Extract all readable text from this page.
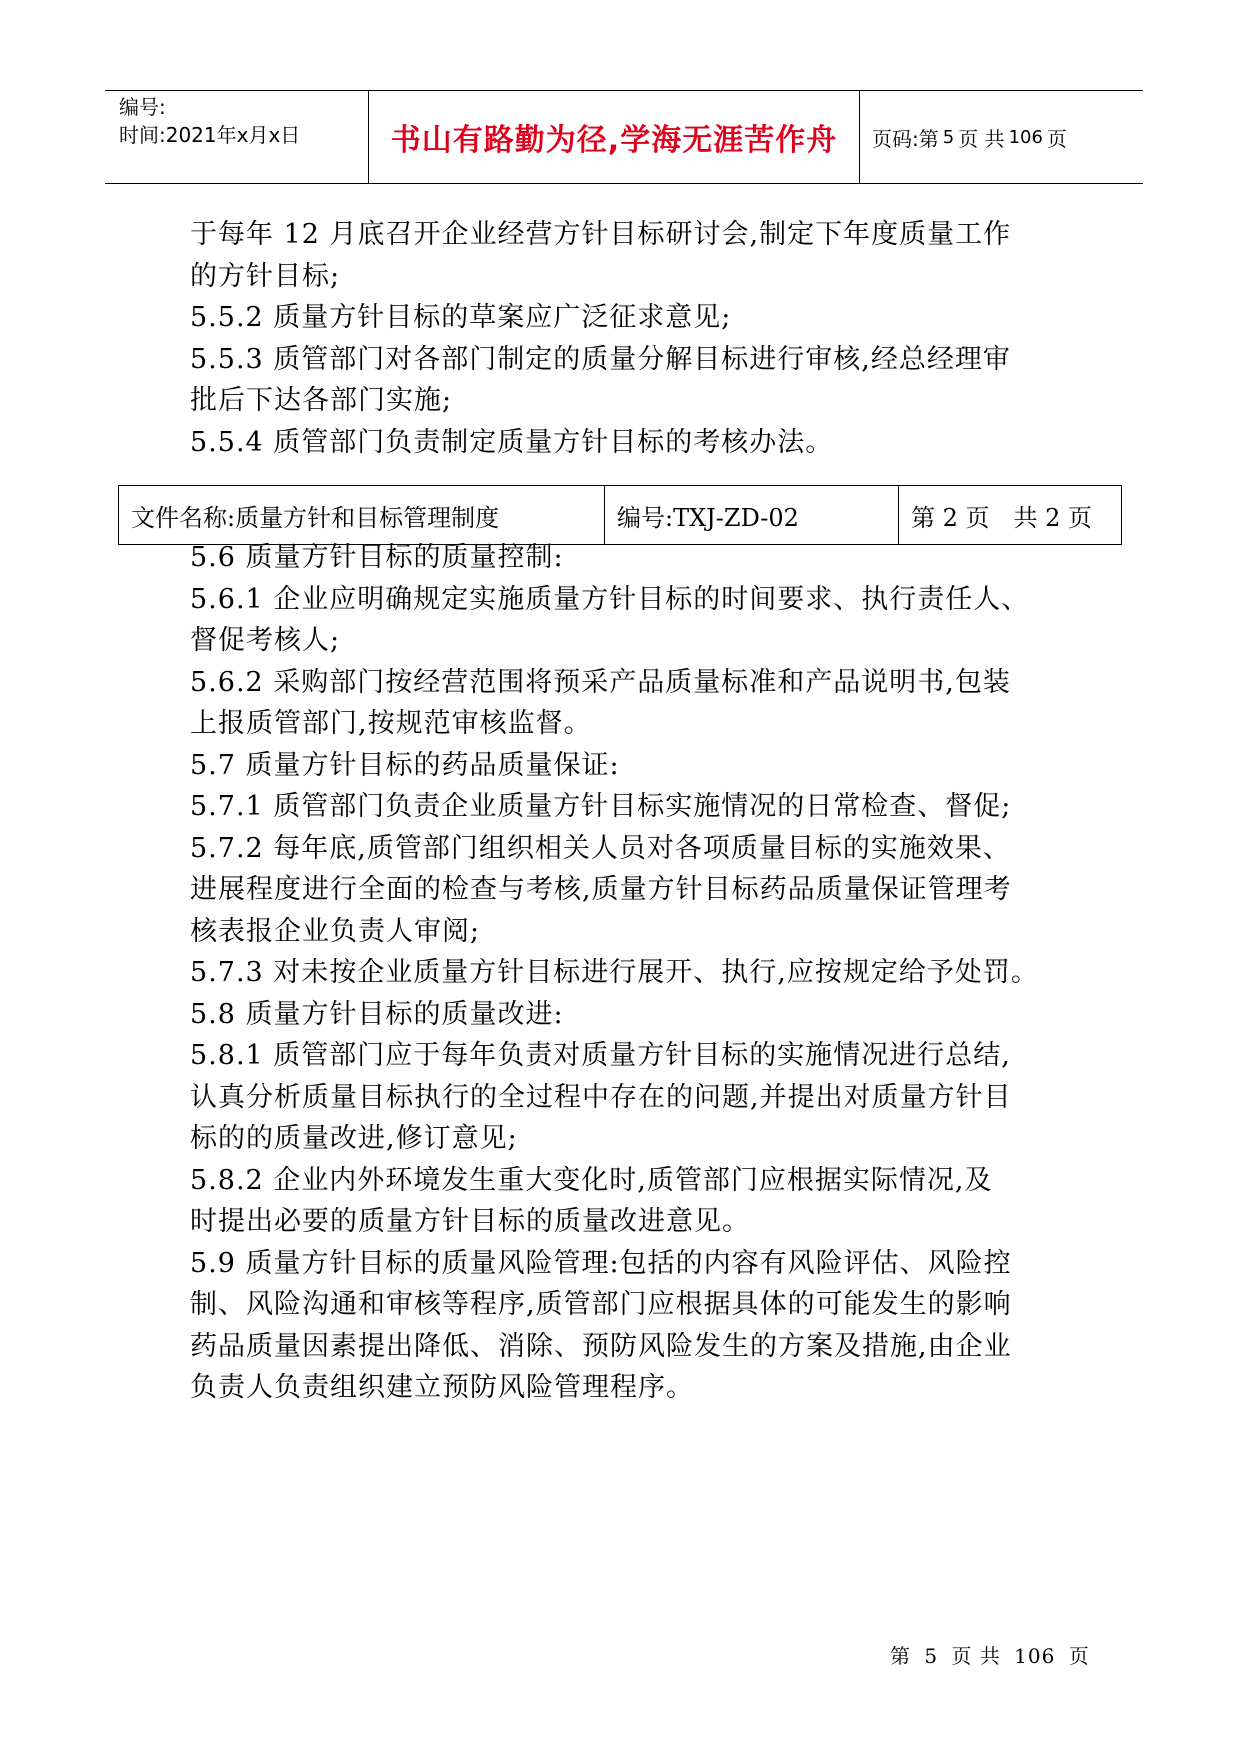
编号:
时间:2021年x月x日	书山有路勤为径,学海无涯苦作舟	页码:第 5 页 共 106 页

于每年 12 月底召开企业经营方针目标研讨会,制定下年度质量工作

的方针目标;

5.5.2 质量方针目标的草案应广泛征求意见;

5.5.3 质管部门对各部门制定的质量分解目标进行审核,经总经理审

批后下达各部门实施;

5.5.4 质管部门负责制定质量方针目标的考核办法。

文件名称:质量方针和目标管理制度	编号:TXJ-ZD-02	第 2 页　共 2 页

5.6 质量方针目标的质量控制:

5.6.1 企业应明确规定实施质量方针目标的时间要求、执行责任人、

督促考核人;

5.6.2 采购部门按经营范围将预采产品质量标准和产品说明书,包装

上报质管部门,按规范审核监督。

5.7 质量方针目标的药品质量保证:

5.7.1 质管部门负责企业质量方针目标实施情况的日常检查、督促;

5.7.2 每年底,质管部门组织相关人员对各项质量目标的实施效果、

进展程度进行全面的检查与考核,质量方针目标药品质量保证管理考

核表报企业负责人审阅;

5.7.3 对未按企业质量方针目标进行展开、执行,应按规定给予处罚。

5.8 质量方针目标的质量改进:

5.8.1 质管部门应于每年负责对质量方针目标的实施情况进行总结,

认真分析质量目标执行的全过程中存在的问题,并提出对质量方针目

标的的质量改进,修订意见;

5.8.2 企业内外环境发生重大变化时,质管部门应根据实际情况,及

时提出必要的质量方针目标的质量改进意见。

5.9 质量方针目标的质量风险管理:包括的内容有风险评估、风险控

制、风险沟通和审核等程序,质管部门应根据具体的可能发生的影响

药品质量因素提出降低、消除、预防风险发生的方案及措施,由企业

负责人负责组织建立预防风险管理程序。

第 5 页 共 106 页
